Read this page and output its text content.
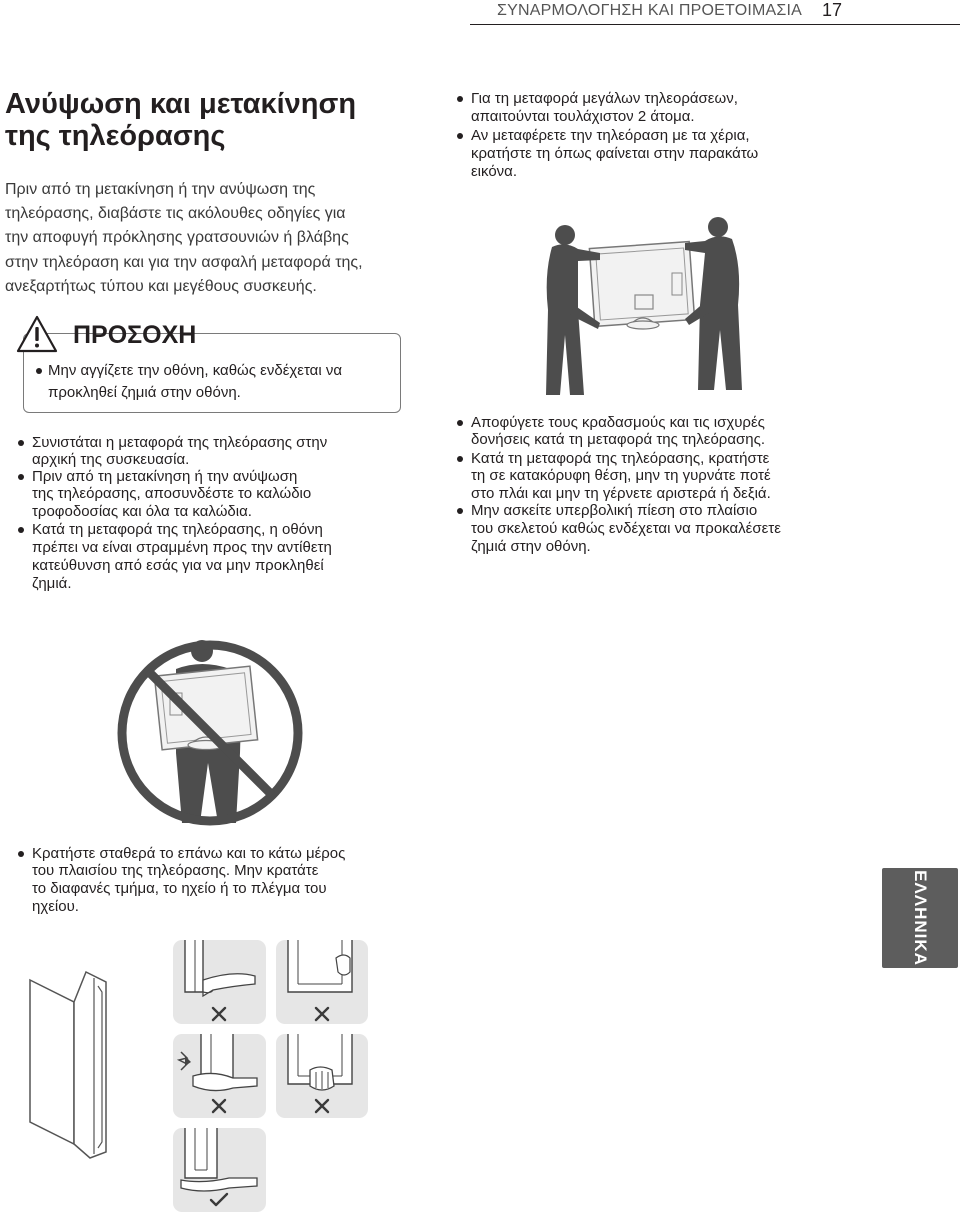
ΣΥΝΑΡΜΟΛΟΓΗΣΗ ΚΑΙ ΠΡΟΕΤΟΙΜΑΣΙΑ 17
Ανύψωση και μετακίνηση
της τηλεόρασης
Πριν από τη μετακίνηση ή την ανύψωση της
τηλεόρασης, διαβάστε τις ακόλουθες οδηγίες για
την αποφυγή πρόκλησης γρατσουνιών ή βλάβης
στην τηλεόραση και για την ασφαλή μεταφορά της,
ανεξαρτήτως τύπου και μεγέθους συσκευής.
Μην αγγίζετε την οθόνη, καθώς ενδέχεται να
προκληθεί ζημιά στην οθόνη.
ΠΡΟΣΟΧΗ
Συνιστάται η μεταφορά της τηλεόρασης στην
αρχική της συσκευασία.
Πριν από τη μετακίνηση ή την ανύψωση
της τηλεόρασης, αποσυνδέστε το καλώδιο
τροφοδοσίας και όλα τα καλώδια.
Κατά τη μεταφορά της τηλεόρασης, η οθόνη
πρέπει να είναι στραμμένη προς την αντίθετη
κατεύθυνση από εσάς για να μην προκληθεί
ζημιά.
Για τη μεταφορά μεγάλων τηλεοράσεων,
απαιτούνται τουλάχιστον 2 άτομα.
Αν μεταφέρετε την τηλεόραση με τα χέρια,
κρατήστε τη όπως φαίνεται στην παρακάτω
εικόνα.
Αποφύγετε τους κραδασμούς και τις ισχυρές
δονήσεις κατά τη μεταφορά της τηλεόρασης.
Κατά τη μεταφορά της τηλεόρασης, κρατήστε
τη σε κατακόρυφη θέση, μην τη γυρνάτε ποτέ
στο πλάι και μην τη γέρνετε αριστερά ή δεξιά.
Μην ασκείτε υπερβολική πίεση στο πλαίσιο
του σκελετού καθώς ενδέχεται να προκαλέσετε
ζημιά στην οθόνη.
Κρατήστε σταθερά το επάνω και το κάτω μέρος
του πλαισίου της τηλεόρασης. Μην κρατάτε
το διαφανές τμήμα, το ηχείο ή το πλέγμα του
ηχείου.	ΕΛΛΗΝΙΚΑ
